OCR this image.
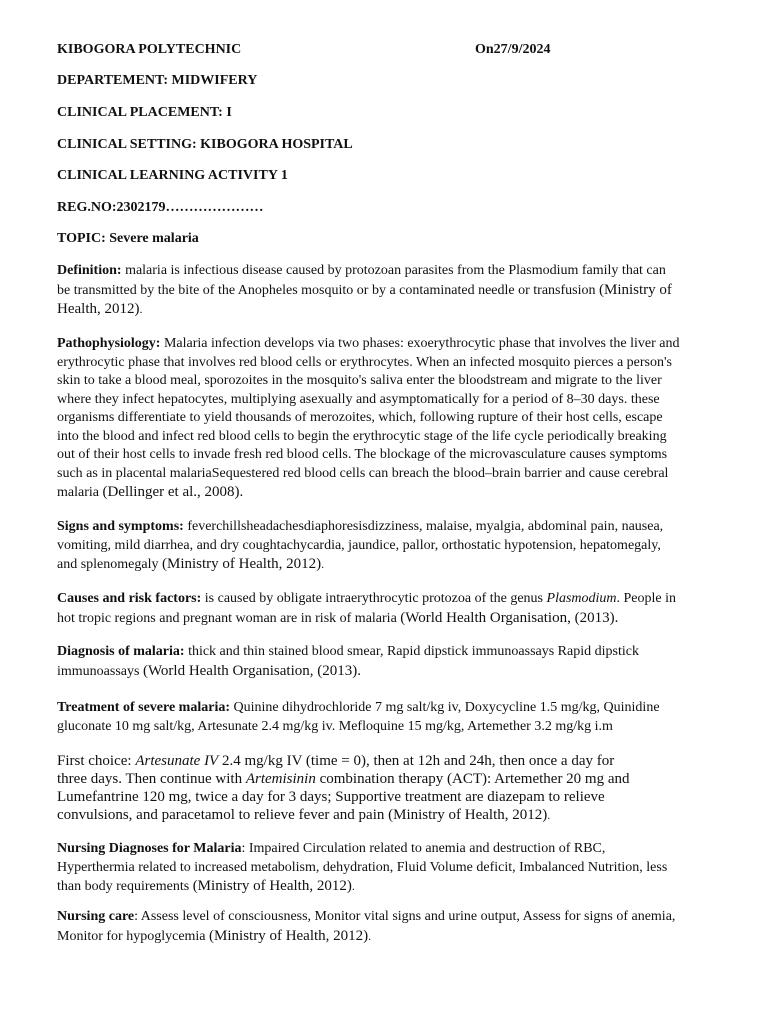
KIBOGORA POLYTECHNIC	On27/9/2024
DEPARTEMENT: MIDWIFERY
CLINICAL PLACEMENT: I
CLINICAL SETTING: KIBOGORA HOSPITAL
CLINICAL LEARNING ACTIVITY 1
REG.NO:2302179…………………
TOPIC: Severe malaria
Definition: malaria is infectious disease caused by protozoan parasites from the Plasmodium family that can be transmitted by the bite of the Anopheles mosquito or by a contaminated needle or transfusion (Ministry of Health, 2012).
Pathophysiology: Malaria infection develops via two phases: exoerythrocytic phase that involves the liver and erythrocytic phase that involves red blood cells or erythrocytes. When an infected mosquito pierces a person's skin to take a blood meal, sporozoites in the mosquito's saliva enter the bloodstream and migrate to the liver where they infect hepatocytes, multiplying asexually and asymptomatically for a period of 8–30 days. these organisms differentiate to yield thousands of merozoites, which, following rupture of their host cells, escape into the blood and infect red blood cells to begin the erythrocytic stage of the life cycle periodically breaking out of their host cells to invade fresh red blood cells. The blockage of the microvasculature causes symptoms such as in placental malariaSequestered red blood cells can breach the blood–brain barrier and cause cerebral malaria (Dellinger et al., 2008).
Signs and symptoms: feverchillsheadachesdiaphoresisdizziness, malaise, myalgia, abdominal pain, nausea, vomiting, mild diarrhea, and dry coughtachycardia, jaundice, pallor, orthostatic hypotension, hepatomegaly, and splenomegaly (Ministry of Health, 2012).
Causes and risk factors: is caused by obligate intraerythrocytic protozoa of the genus Plasmodium. People in hot tropic regions and pregnant woman are in risk of malaria (World Health Organisation, (2013).
Diagnosis of malaria: thick and thin stained blood smear, Rapid dipstick immunoassays Rapid dipstick immunoassays (World Health Organisation, (2013).
Treatment of severe malaria: Quinine dihydrochloride 7 mg salt/kg iv, Doxycycline 1.5 mg/kg, Quinidine gluconate 10 mg salt/kg, Artesunate 2.4 mg/kg iv. Mefloquine 15 mg/kg, Artemether 3.2 mg/kg i.m
First choice: Artesunate IV 2.4 mg/kg IV (time = 0), then at 12h and 24h, then once a day for three days. Then continue with Artemisinin combination therapy (ACT): Artemether 20 mg and Lumefantrine 120 mg, twice a day for 3 days; Supportive treatment are diazepam to relieve convulsions, and paracetamol to relieve fever and pain (Ministry of Health, 2012).
Nursing Diagnoses for Malaria: Impaired Circulation related to anemia and destruction of RBC, Hyperthermia related to increased metabolism, dehydration, Fluid Volume deficit, Imbalanced Nutrition, less than body requirements (Ministry of Health, 2012).
Nursing care: Assess level of consciousness, Monitor vital signs and urine output, Assess for signs of anemia, Monitor for hypoglycemia (Ministry of Health, 2012).
